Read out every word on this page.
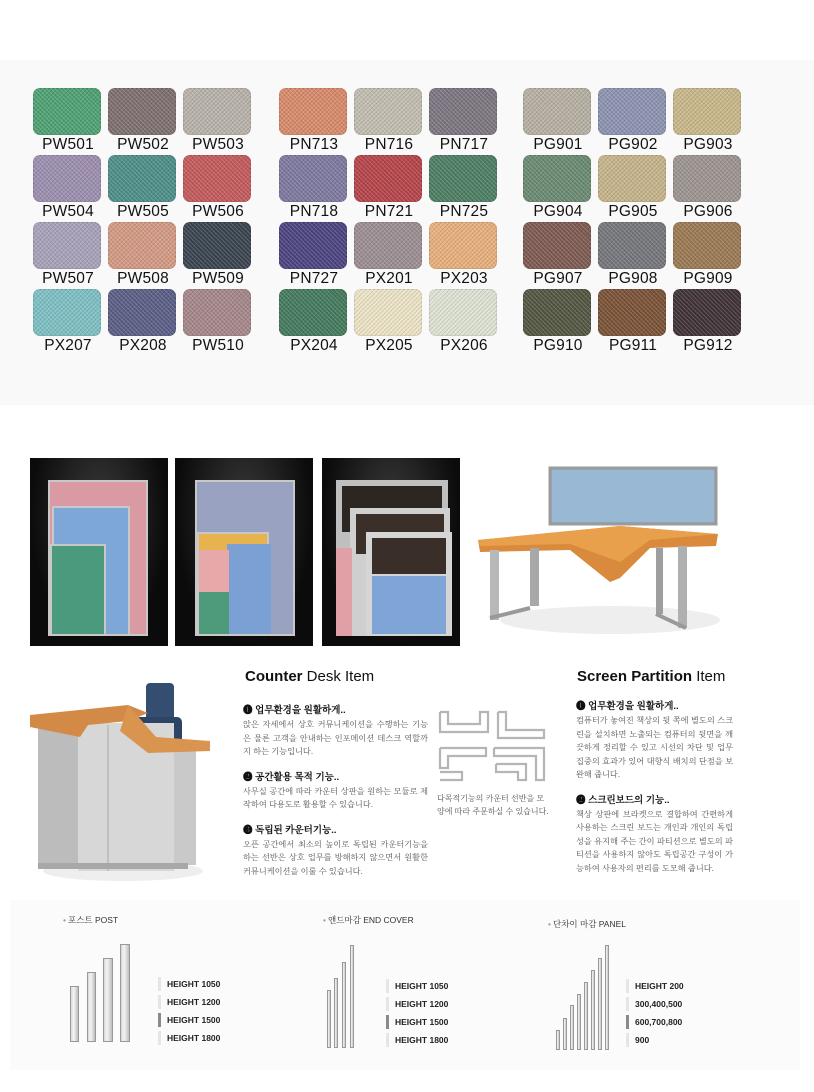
PW501	PW502	PW503
PW504	PW505	PW506
PW507	PW508	PW509
PX207	PX208	PW510
PN713	PN716	PN717
PN718	PN721	PN725
PN727	PX201	PX203
PX204	PX205	PX206
PG901	PG902	PG903
PG904	PG905	PG906
PG907	PG908	PG909
PG910	PG911	PG912
Counter Desk Item
❶ 업무환경을 원활하게..
앉은 자세에서 상호 커뮤니케이션을 수행하는 기능은 물론 고객을 안내하는 인포메이션 데스크 역할까지 하는 기능입니다.
❷ 공간활용 목적 기능..
사무실 공간에 따라 카운터 상판을 원하는 모듈로 제작하여 다용도로 활용할 수 있습니다.
❸ 독립된 카운터기능..
오픈 공간에서 최소의 높이로 독립된 카운터기능을 하는 선반은 상호 업무를 방해하지 않으면서 원활한 커뮤니케이션을 이룰 수 있습니다.
다목적기능의 카운터 선반을 모양에 따라 주문하실 수 있습니다.
Screen Partition Item
❶ 업무환경을 원활하게..
컴퓨터가 놓여진 책상의 뒷 쪽에 별도의 스크린을 설치하면 노출되는 컴퓨터의 뒷면을 깨끗하게 정리할 수 있고 시선의 차단 및 업무집중의 효과가 있어 대향식 배치의 단점을 보완해 줍니다.
❷ 스크린보드의 기능..
책상 상판에 브라켓으로 결합하여 간편하게 사용하는 스크린 보드는 개인과 개인의 독립성을 유지해 주는 간이 파티션으로 별도의 파티션을 사용하지 않아도 독립공간 구성이 가능하여 사용자의 편리를 도모해 줍니다.
• 포스트 POST
HEIGHT 1050
HEIGHT 1200
HEIGHT 1500
HEIGHT 1800
• 앤드마감 END COVER
HEIGHT 1050
HEIGHT 1200
HEIGHT 1500
HEIGHT 1800
• 단차이 마감 PANEL
HEIGHT 200
300,400,500
600,700,800
900
